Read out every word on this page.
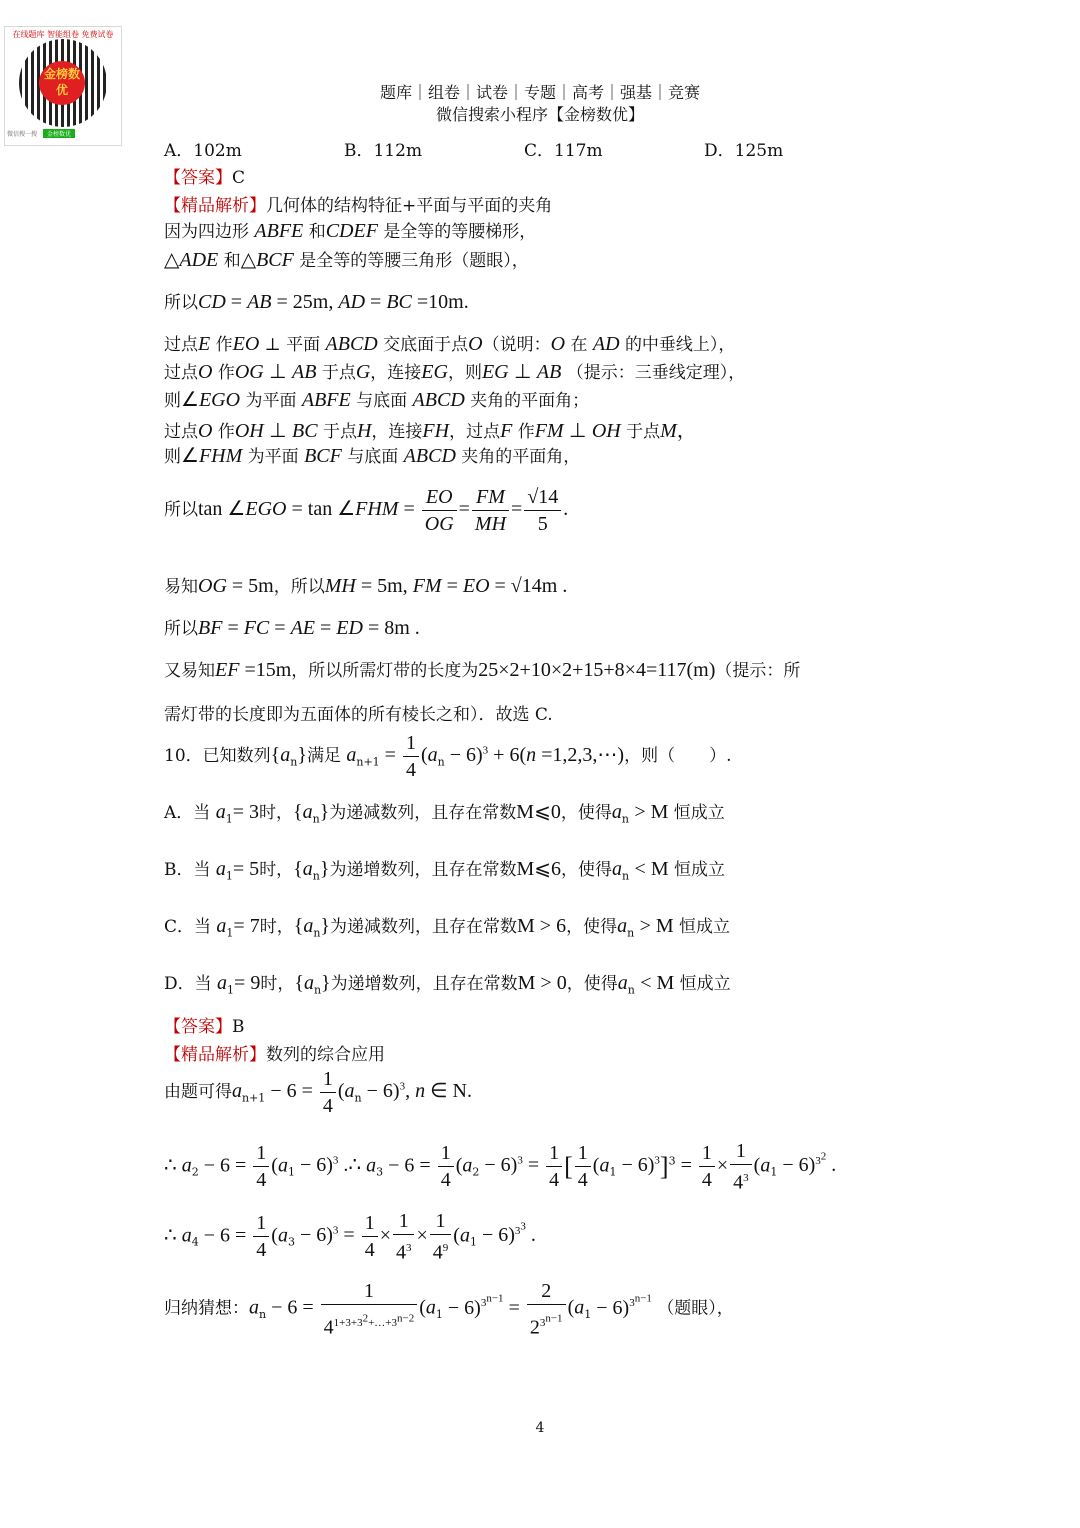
在线题库 智能组卷 免费试卷
金榜数优
微信搜一搜 金榜数优
题库｜组卷｜试卷｜专题｜高考｜强基｜竞赛
微信搜索小程序【金榜数优】
A．102m	B．112m	C．117m	D．125m
【答案】C
【精品解析】几何体的结构特征+平面与平面的夹角
因为四边形 ABFE 和CDEF 是全等的等腰梯形，
△ADE 和△BCF 是全等的等腰三角形（题眼），
所以CD = AB = 25m, AD = BC =10m.
过点E 作EO ⊥ 平面 ABCD 交底面于点O（说明：O 在 AD 的中垂线上），
过点O 作OG ⊥ AB 于点G，连接EG，则EG ⊥ AB （提示：三垂线定理），
则∠EGO 为平面 ABFE 与底面 ABCD 夹角的平面角；
过点O 作OH ⊥ BC 于点H，连接FH，过点F 作FM ⊥ OH 于点M，
则∠FHM 为平面 BCF 与底面 ABCD 夹角的平面角，
所以tan ∠EGO = tan ∠FHM = $\frac{EO}{OG} = \frac{FM}{MH} = \frac{√14}{5}$ .
易知OG = 5m，所以MH = 5m, FM = EO = √14m .
所以BF = FC = AE = ED = 8m .
又易知EF =15m，所以所需灯带的长度为25×2+10×2+15+8×4=117(m)（提示：所
需灯带的长度即为五面体的所有棱长之和）．故选 C.
10．已知数列$\{a_n\}$满足 $a_{n+1} = \frac{1}{4} (a_n - 6)^3 + 6(n$ =1,2,3,⋯)，则（　　）.
A．当 $a_1= 3$时，$\{a_n\}$为递减数列，且存在常数M⩽0，使得$a_n > M$ 恒成立
B．当 $a_1= 5$时，$\{a_n\}$为递增数列，且存在常数M⩽6，使得$a_n < M$ 恒成立
C．当 $a_1= 7$时，$\{a_n\}$为递减数列，且存在常数M > 6，使得$a_n > M$ 恒成立
D．当 $a_1= 9$时，$\{a_n\}$为递增数列，且存在常数M > 0，使得$a_n < M$ 恒成立
【答案】B
【精品解析】数列的综合应用
由题可得$a_{n+1} - 6 = \frac{1}{4} (a_n - 6)^3$, n ∈ N.
∴ $a_2 - 6 = \frac{1}{4} (a_1 - 6)^3$ .∴ $a_3 - 6 = \frac{1}{4} (a_2 - 6)^3 = \frac{1}{4}$ [ $\frac{1}{4} (a_1 - 6)^3]^3 = \frac{1}{4} \times \frac{1}{4^3} (a_1 - 6)^{3^2}$ .
∴ $a_4 - 6 = \frac{1}{4} (a_3 - 6)^3 = \frac{1}{4} \times \frac{1}{4^3} \times \frac{1}{4^9} (a_1 - 6)^{3^3}$ .
归纳猜想：$a_n - 6 = \frac{1}{4^{1+3+3^2+\dots+3^{n-2}}} (a_1 - 6)^{3^{n-1}} = \frac{2}{2^{3^{n-1}}} (a_1 - 6)^{3^{n-1}}$ （题眼），
4
